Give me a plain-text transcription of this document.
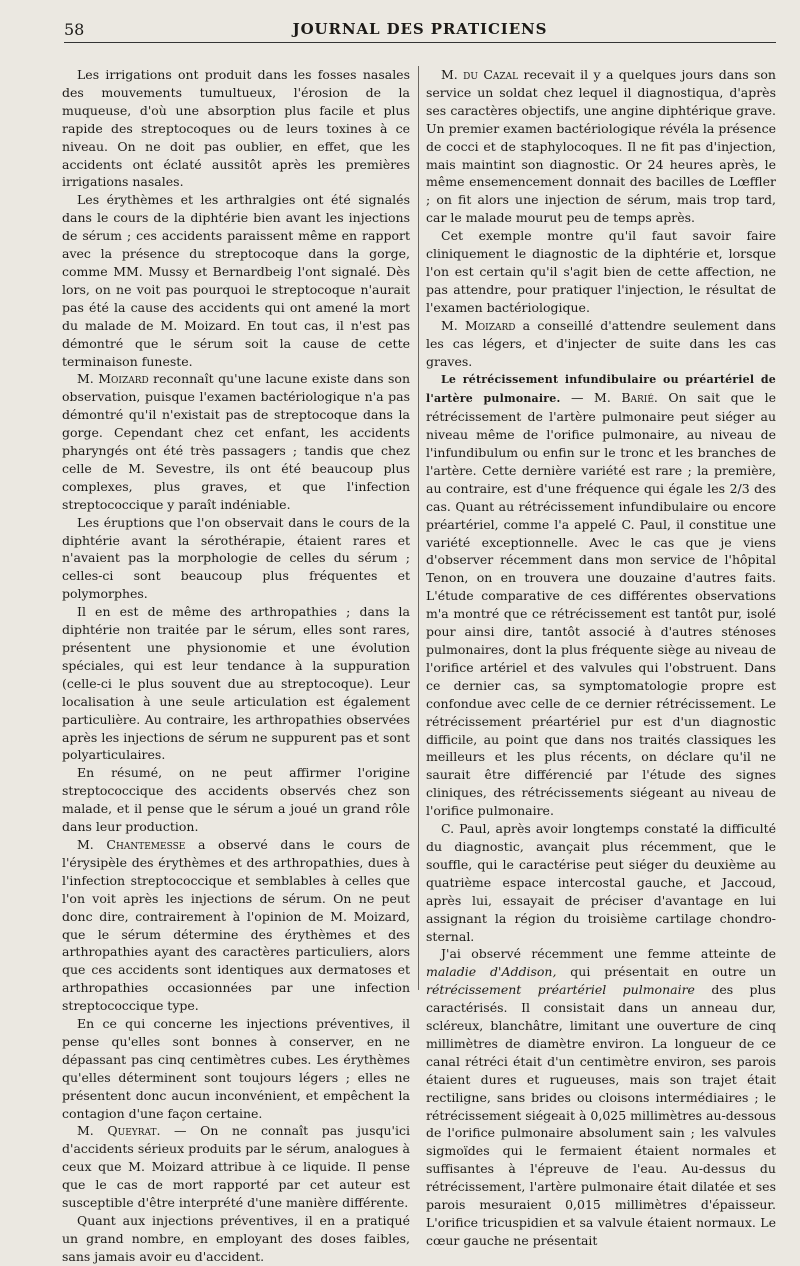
58	JOURNAL DES PRATICIENS

Les irrigations ont produit dans les fosses nasales des mouvements tumultueux, l'érosion de la muqueuse, d'où une absorption plus facile et plus rapide des streptocoques ou de leurs toxines à ce niveau. On ne doit pas oublier, en effet, que les accidents ont éclaté aussitôt après les premières irrigations nasales.

Les érythèmes et les arthralgies ont été signalés dans le cours de la diphtérie bien avant les injections de sérum ; ces accidents paraissent même en rapport avec la présence du streptocoque dans la gorge, comme MM. Mussy et Bernardbeig l'ont signalé. Dès lors, on ne voit pas pourquoi le streptocoque n'aurait pas été la cause des accidents qui ont amené la mort du malade de M. Moizard. En tout cas, il n'est pas démontré que le sérum soit la cause de cette terminaison funeste.

M. Moizard reconnaît qu'une lacune existe dans son observation, puisque l'examen bactériologique n'a pas démontré qu'il n'existait pas de streptocoque dans la gorge. Cependant chez cet enfant, les accidents pharyngés ont été très passagers ; tandis que chez celle de M. Sevestre, ils ont été beaucoup plus complexes, plus graves, et que l'infection streptococcique y paraît indéniable.

Les éruptions que l'on observait dans le cours de la diphtérie avant la sérothérapie, étaient rares et n'avaient pas la morphologie de celles du sérum ; celles-ci sont beaucoup plus fréquentes et polymorphes.

Il en est de même des arthropathies ; dans la diphtérie non traitée par le sérum, elles sont rares, présentent une physionomie et une évolution spéciales, qui est leur tendance à la suppuration (celle-ci le plus souvent due au streptocoque). Leur localisation à une seule articulation est également particulière. Au contraire, les arthropathies observées après les injections de sérum ne suppurent pas et sont polyarticulaires.

En résumé, on ne peut affirmer l'origine streptococcique des accidents observés chez son malade, et il pense que le sérum a joué un grand rôle dans leur production.

M. Chantemesse a observé dans le cours de l'érysipèle des érythèmes et des arthropathies, dues à l'infection streptococcique et semblables à celles que l'on voit après les injections de sérum. On ne peut donc dire, contrairement à l'opinion de M. Moizard, que le sérum détermine des érythèmes et des arthropathies ayant des caractères particuliers, alors que ces accidents sont identiques aux dermatoses et arthropathies occasionnées par une infection streptococcique type.

En ce qui concerne les injections préventives, il pense qu'elles sont bonnes à conserver, en ne dépassant pas cinq centimètres cubes. Les érythèmes qu'elles déterminent sont toujours légers ; elles ne présentent donc aucun inconvénient, et empêchent la contagion d'une façon certaine.

M. Queyrat. — On ne connaît pas jusqu'ici d'accidents sérieux produits par le sérum, analogues à ceux que M. Moizard attribue à ce liquide. Il pense que le cas de mort rapporté par cet auteur est susceptible d'être interprété d'une manière différente.

Quant aux injections préventives, il en a pratiqué un grand nombre, en employant des doses faibles, sans jamais avoir eu d'accident.

M. du Cazal recevait il y a quelques jours dans son service un soldat chez lequel il diagnostiqua, d'après ses caractères objectifs, une angine diphtérique grave. Un premier examen bactériologique révéla la présence de cocci et de staphylocoques. Il ne fit pas d'injection, mais maintint son diagnostic. Or 24 heures après, le même ensemencement donnait des bacilles de Lœffler ; on fit alors une injection de sérum, mais trop tard, car le malade mourut peu de temps après.

Cet exemple montre qu'il faut savoir faire cliniquement le diagnostic de la diphtérie et, lorsque l'on est certain qu'il s'agit bien de cette affection, ne pas attendre, pour pratiquer l'injection, le résultat de l'examen bactériologique.

M. Moizard a conseillé d'attendre seulement dans les cas légers, et d'injecter de suite dans les cas graves.

Le rétrécissement infundibulaire ou préartériel de l'artère pulmonaire. — M. Barié. On sait que le rétrécissement de l'artère pulmonaire peut siéger au niveau même de l'orifice pulmonaire, au niveau de l'infundibulum ou enfin sur le tronc et les branches de l'artère. Cette dernière variété est rare ; la première, au contraire, est d'une fréquence qui égale les 2/3 des cas. Quant au rétrécissement infundibulaire ou encore préartériel, comme l'a appelé C. Paul, il constitue une variété exceptionnelle. Avec le cas que je viens d'observer récemment dans mon service de l'hôpital Tenon, on en trouvera une douzaine d'autres faits. L'étude comparative de ces différentes observations m'a montré que ce rétrécissement est tantôt pur, isolé pour ainsi dire, tantôt associé à d'autres sténoses pulmonaires, dont la plus fréquente siège au niveau de l'orifice artériel et des valvules qui l'obstruent. Dans ce dernier cas, sa symptomatologie propre est confondue avec celle de ce dernier rétrécissement. Le rétrécissement préartériel pur est d'un diagnostic difficile, au point que dans nos traités classiques les meilleurs et les plus récents, on déclare qu'il ne saurait être différencié par l'étude des signes cliniques, des rétrécissements siégeant au niveau de l'orifice pulmonaire.

C. Paul, après avoir longtemps constaté la difficulté du diagnostic, avançait plus récemment, que le souffle, qui le caractérise peut siéger du deuxième au quatrième espace intercostal gauche, et Jaccoud, après lui, essayait de préciser d'avantage en lui assignant la région du troisième cartilage chondro-sternal.

J'ai observé récemment une femme atteinte de maladie d'Addison, qui présentait en outre un rétrécissement préartériel pulmonaire des plus caractérisés. Il consistait dans un anneau dur, scléreux, blanchâtre, limitant une ouverture de cinq millimètres de diamètre environ. La longueur de ce canal rétréci était d'un centimètre environ, ses parois étaient dures et rugueuses, mais son trajet était rectiligne, sans brides ou cloisons intermédiaires ; le rétrécissement siégeait à 0,025 millimètres au-dessous de l'orifice pulmonaire absolument sain ; les valvules sigmoïdes qui le fermaient étaient normales et suffisantes à l'épreuve de l'eau. Au-dessus du rétrécissement, l'artère pulmonaire était dilatée et ses parois mesuraient 0,015 millimètres d'épaisseur. L'orifice tricuspidien et sa valvule étaient normaux. Le cœur gauche ne présentait
